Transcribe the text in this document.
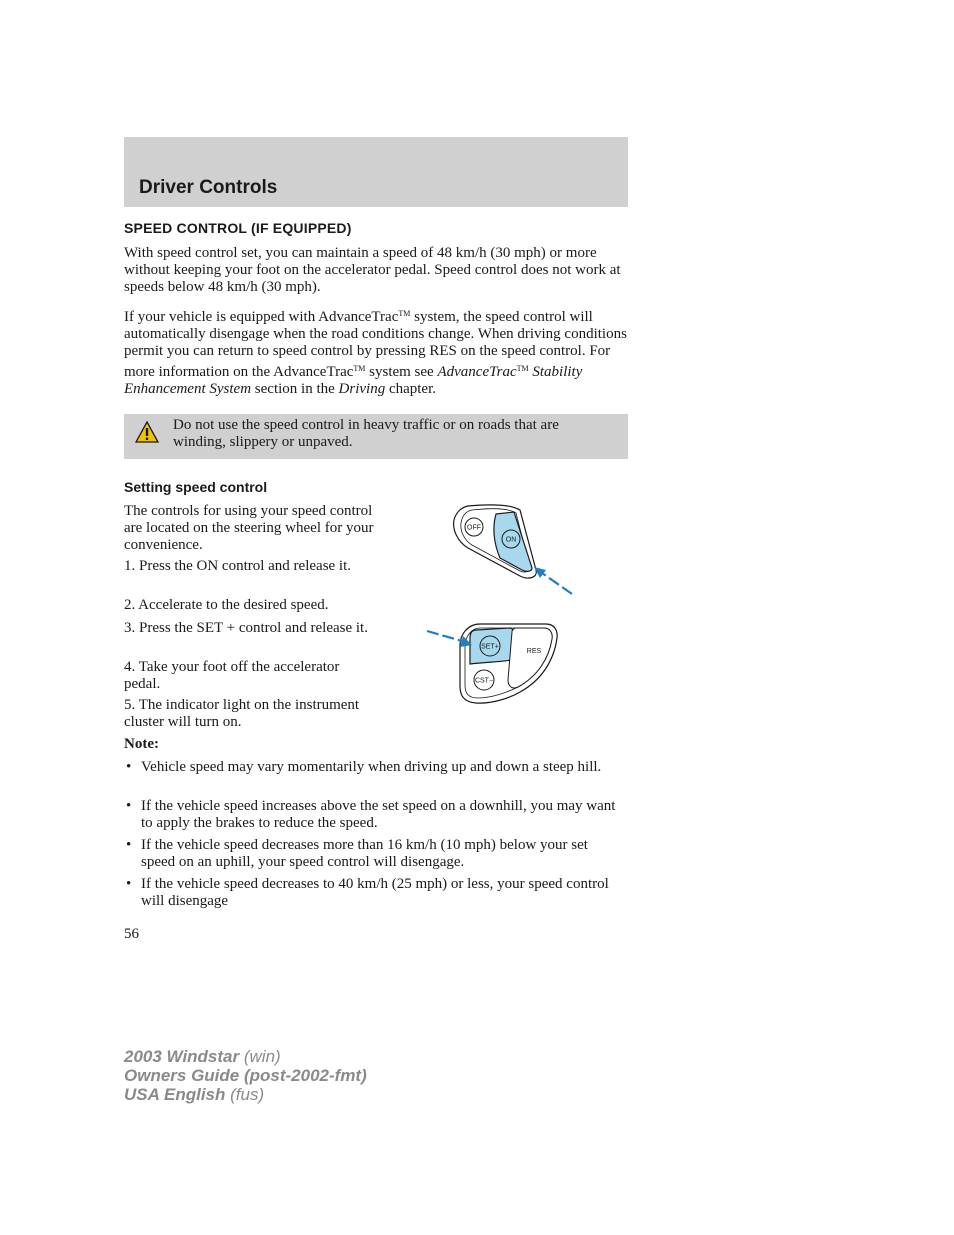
Driver Controls
SPEED CONTROL (IF EQUIPPED)

With speed control set, you can maintain a speed of 48 km/h (30 mph) or more without keeping your foot on the accelerator pedal. Speed control does not work at speeds below 48 km/h (30 mph).

If your vehicle is equipped with AdvanceTrac™ system, the speed control will automatically disengage when the road conditions change. When driving conditions permit you can return to speed control by pressing RES on the speed control. For more information on the AdvanceTrac™ system see AdvanceTrac™ Stability Enhancement System section in the Driving chapter.

Do not use the speed control in heavy traffic or on roads that are winding, slippery or unpaved.
Setting speed control
The controls for using your speed control are located on the steering wheel for your convenience.
1. Press the ON control and release it.
2. Accelerate to the desired speed.
3. Press the SET + control and release it.
4. Take your foot off the accelerator pedal.
5. The indicator light on the instrument cluster will turn on.
OFF
ON
SET+
RES
CST−
Note:
• Vehicle speed may vary momentarily when driving up and down a steep hill.
• If the vehicle speed increases above the set speed on a downhill, you may want to apply the brakes to reduce the speed.
• If the vehicle speed decreases more than 16 km/h (10 mph) below your set speed on an uphill, your speed control will disengage.
• If the vehicle speed decreases to 40 km/h (25 mph) or less, your speed control will disengage
56
2003 Windstar (win)
Owners Guide (post-2002-fmt)
USA English (fus)
